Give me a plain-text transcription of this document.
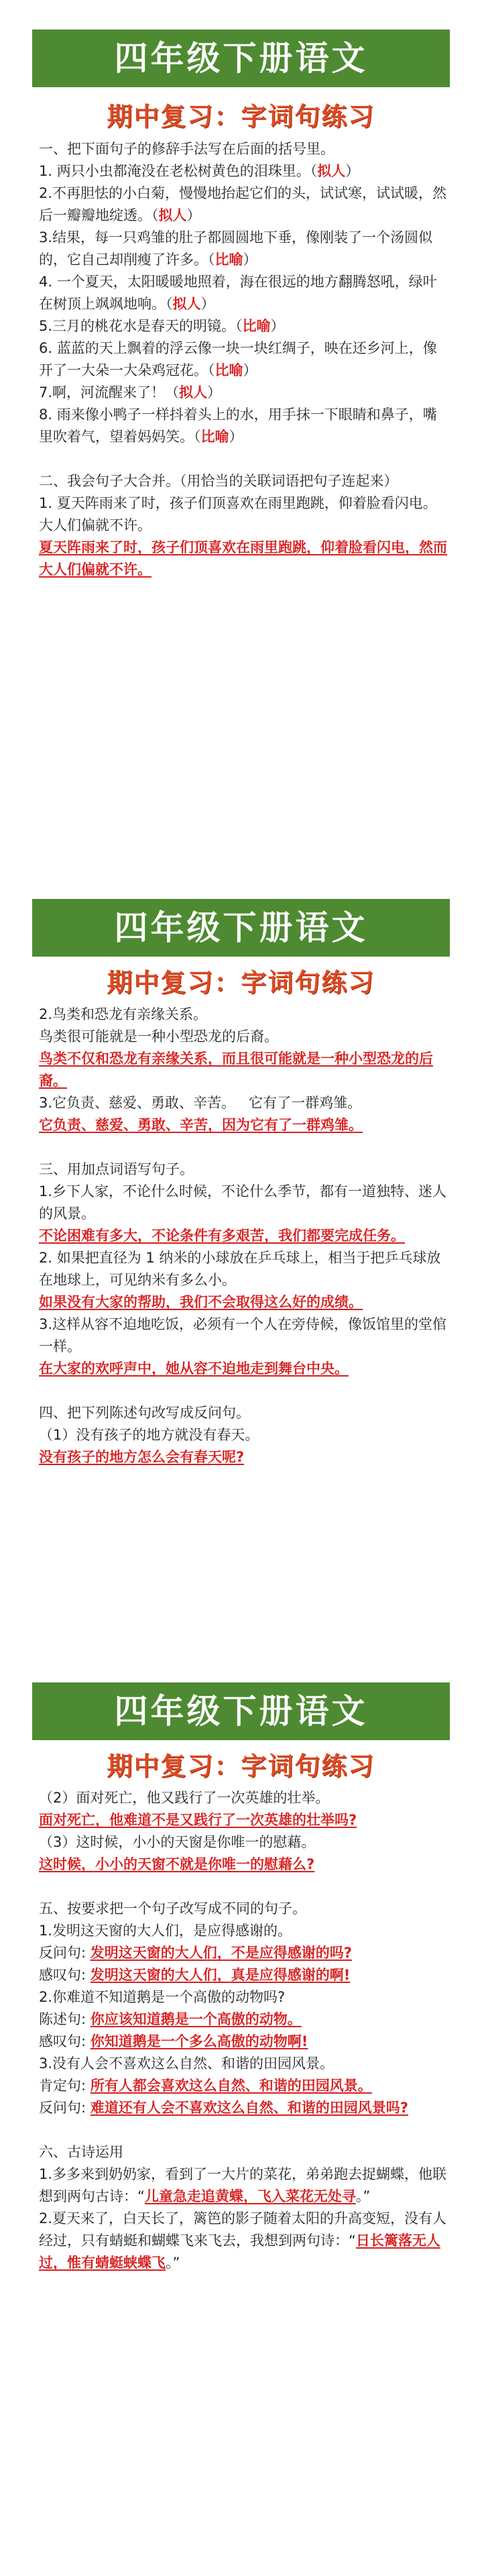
四年级下册语文
期中复习：字词句练习

一、把下面句子的修辞手法写在后面的括号里。

1. 两只小虫都淹没在老松树黄色的泪珠里。（拟人）

2.不再胆怯的小白菊，慢慢地抬起它们的头，试试寒，试试暖，然后一瓣瓣地绽透。（拟人）

3.结果，每一只鸡雏的肚子都圆圆地下垂，像刚装了一个汤圆似的，它自己却削瘦了许多。（比喻）

4. 一个夏天，太阳暖暖地照着，海在很远的地方翻腾怒吼，绿叶在树顶上飒飒地响。（拟人）

5.三月的桃花水是春天的明镜。（比喻）

6. 蓝蓝的天上飘着的浮云像一块一块红绸子，映在还乡河上，像开了一大朵一大朵鸡冠花。（比喻）

7.啊，河流醒来了！（拟人）

8. 雨来像小鸭子一样抖着头上的水，用手抹一下眼睛和鼻子，嘴里吹着气，望着妈妈笑。（比喻）

二、我会句子大合并。（用恰当的关联词语把句子连起来）

1. 夏天阵雨来了时，孩子们顶喜欢在雨里跑跳，仰着脸看闪电。

大人们偏就不许。

夏天阵雨来了时，孩子们顶喜欢在雨里跑跳，仰着脸看闪电，然而大人们偏就不许。

四年级下册语文
期中复习：字词句练习

2.鸟类和恐龙有亲缘关系。

鸟类很可能就是一种小型恐龙的后裔。

鸟类不仅和恐龙有亲缘关系，而且很可能就是一种小型恐龙的后裔。

3.它负责、慈爱、勇敢、辛苦。 它有了一群鸡雏。

它负责、慈爱、勇敢、辛苦，因为它有了一群鸡雏。

三、用加点词语写句子。

1.乡下人家，不论什么时候，不论什么季节，都有一道独特、迷人的风景。

不论困难有多大，不论条件有多艰苦，我们都要完成任务。

2. 如果把直径为 1 纳米的小球放在乒乓球上，相当于把乒乓球放在地球上，可见纳米有多么小。

如果没有大家的帮助，我们不会取得这么好的成绩。

3.这样从容不迫地吃饭，必须有一个人在旁侍候，像饭馆里的堂倌一样。

在大家的欢呼声中，她从容不迫地走到舞台中央。

四、把下列陈述句改写成反问句。

（1）没有孩子的地方就没有春天。

没有孩子的地方怎么会有春天呢?

四年级下册语文
期中复习：字词句练习

（2）面对死亡，他又践行了一次英雄的壮举。

面对死亡，他难道不是又践行了一次英雄的壮举吗?

（3）这时候，小小的天窗是你唯一的慰藉。

这时候，小小的天窗不就是你唯一的慰藉么?

五、按要求把一个句子改写成不同的句子。

1.发明这天窗的大人们，是应得感谢的。

反问句: 发明这天窗的大人们，不是应得感谢的吗?

感叹句: 发明这天窗的大人们，真是应得感谢的啊!

2.你难道不知道鹅是一个高傲的动物吗?

陈述句: 你应该知道鹅是一个高傲的动物。

感叹句: 你知道鹅是一个多么高傲的动物啊!

3.没有人会不喜欢这么自然、和谐的田园风景。

肯定句: 所有人都会喜欢这么自然、和谐的田园风景。

反问句: 难道还有人会不喜欢这么自然、和谐的田园风景吗?

六、古诗运用

1.多多来到奶奶家，看到了一大片的菜花，弟弟跑去捉蝴蝶，他联想到两句古诗：“儿童急走追黄蝶，飞入菜花无处寻。”

2.夏天来了，白天长了，篱笆的影子随着太阳的升高变短，没有人经过，只有蜻蜓和蝴蝶飞来飞去，我想到两句诗：“日长篱落无人过，惟有蜻蜓蛱蝶飞。”
